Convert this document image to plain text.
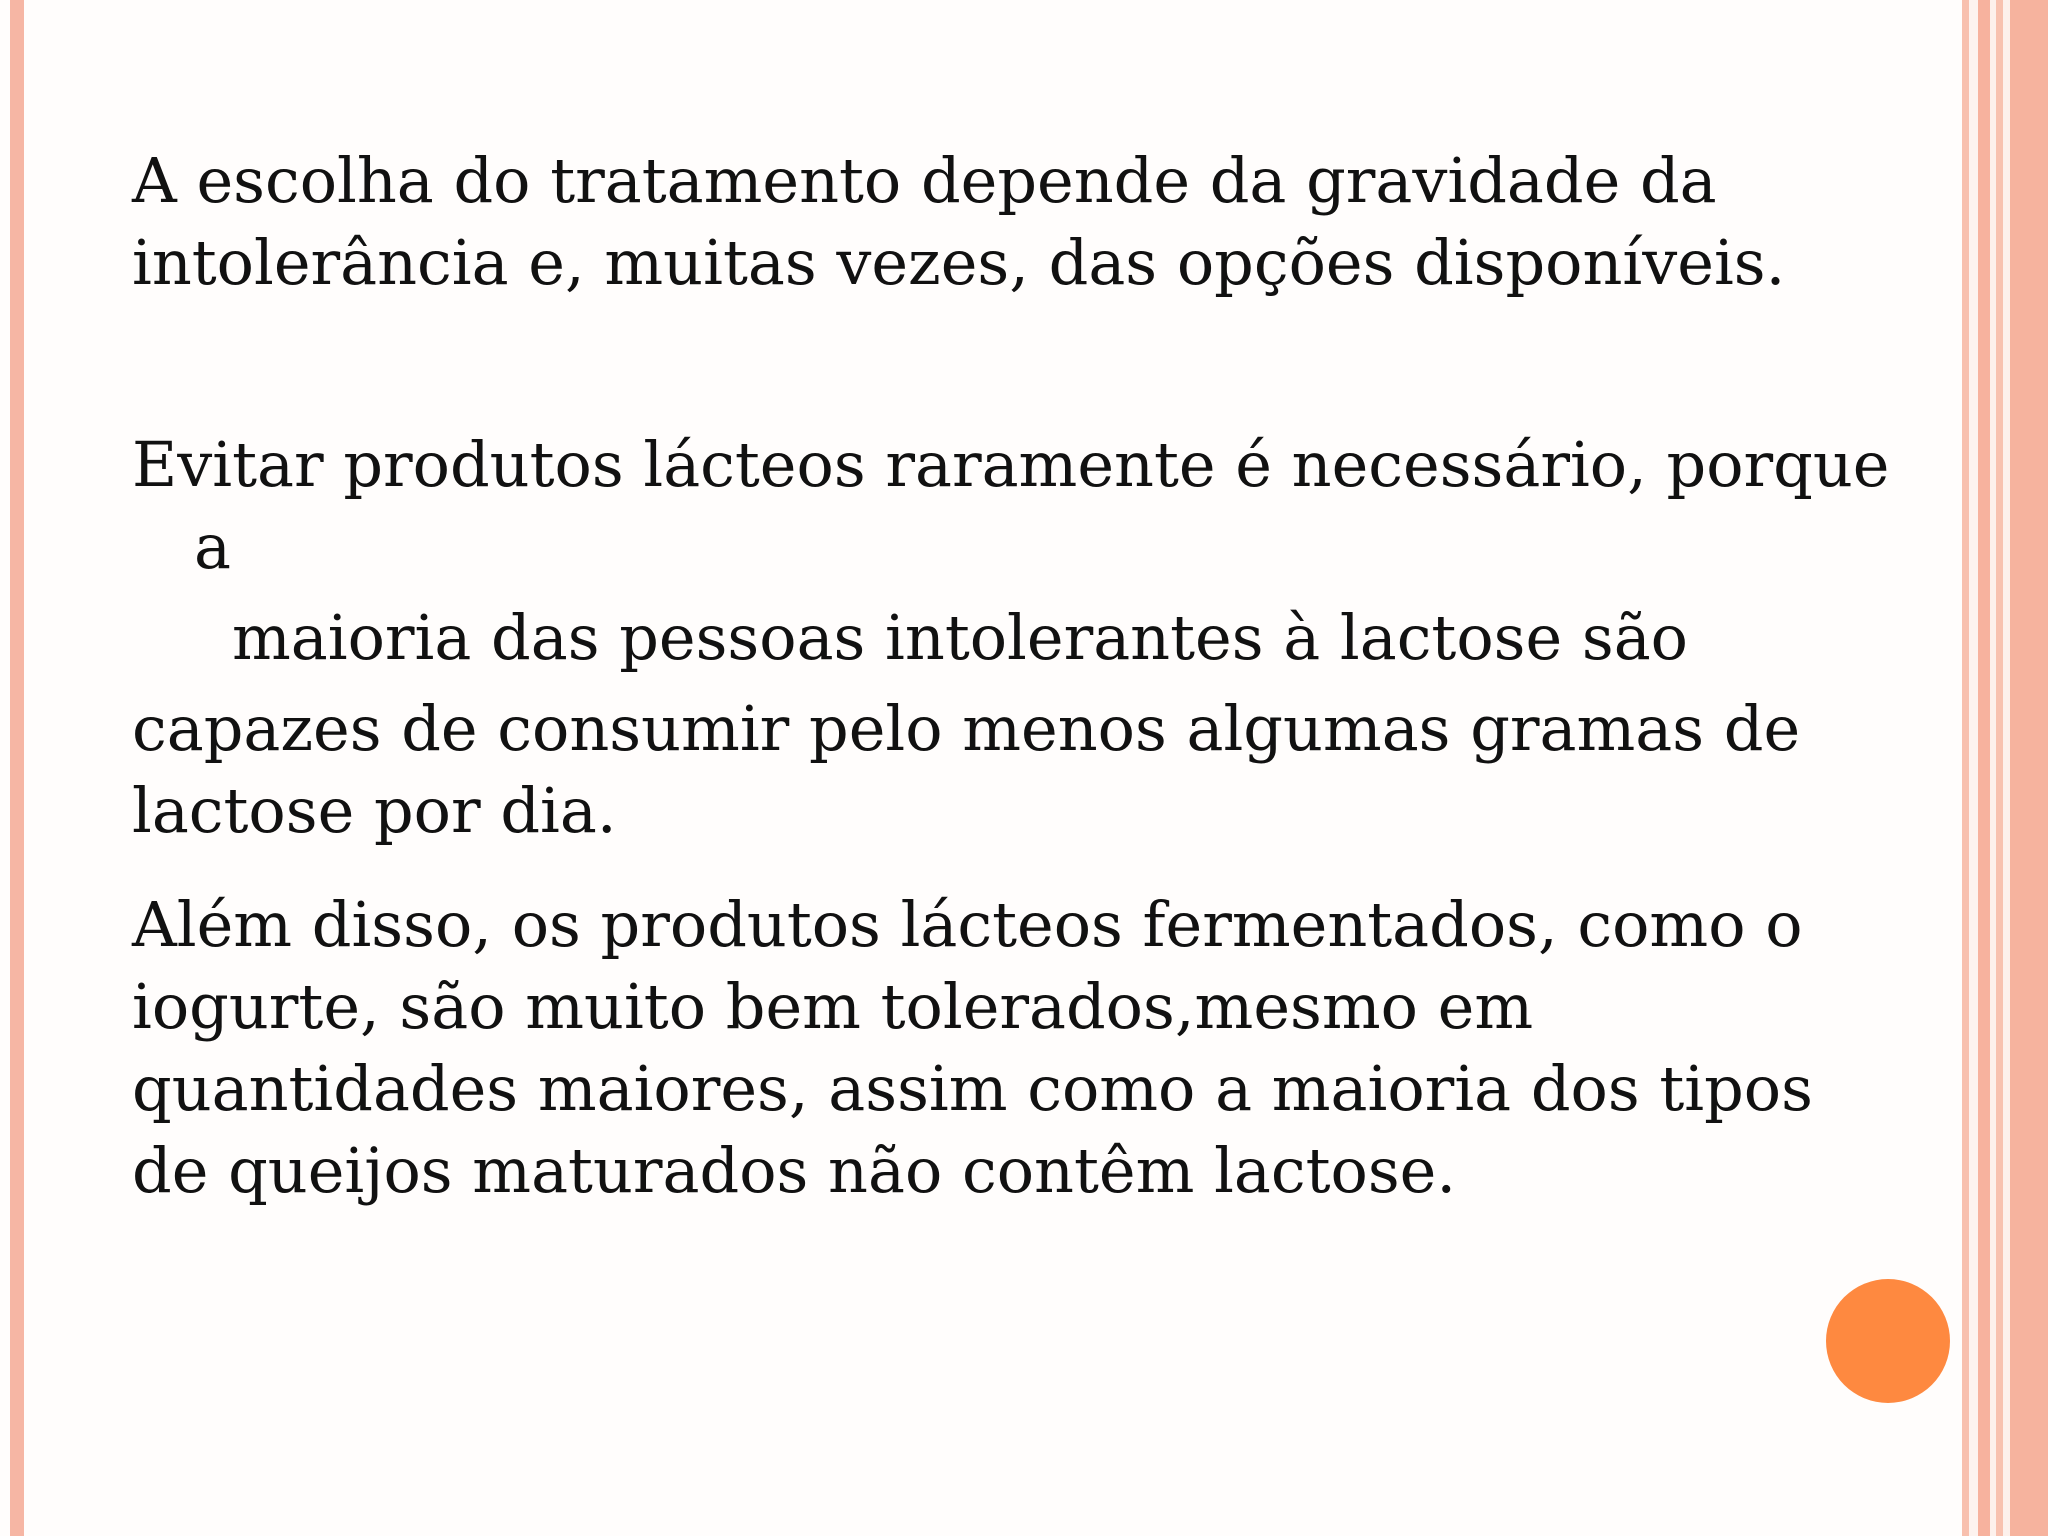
A escolha do tratamento depende da gravidade da
intolerância e, muitas vezes, das opções disponíveis.

Evitar produtos lácteos raramente é necessário, porque a
maioria das pessoas intolerantes à lactose são
capazes de consumir pelo menos algumas gramas de
lactose por dia.

Além disso, os produtos lácteos fermentados, como o
iogurte, são muito bem tolerados,mesmo em
quantidades maiores, assim como a maioria dos tipos
de queijos maturados não contêm lactose.
